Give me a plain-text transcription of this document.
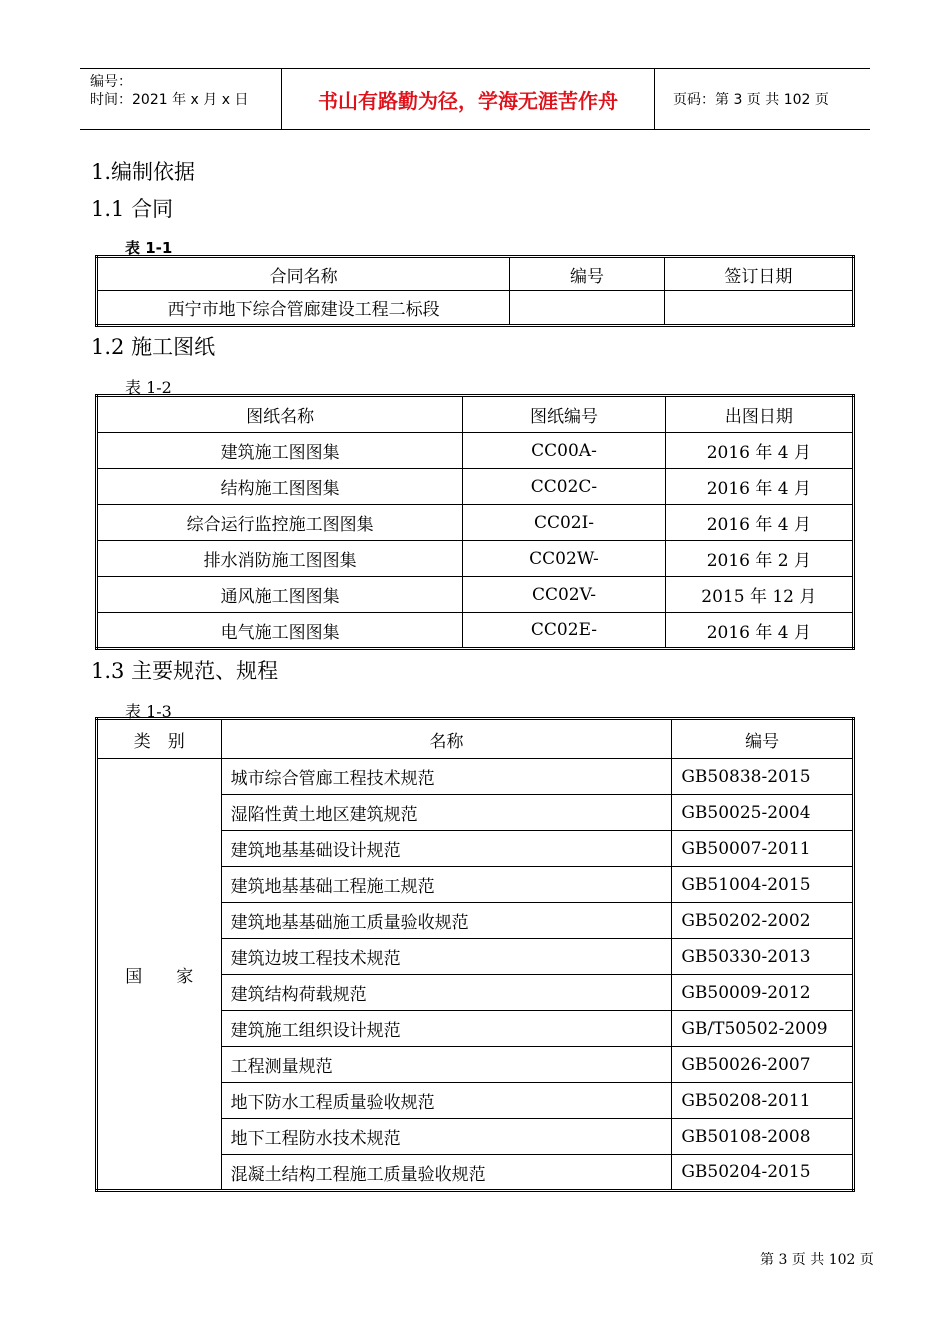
编号：
时间：2021 年 x 月 x 日	书山有路勤为径，学海无涯苦作舟	页码：第 3 页 共 102 页
1.编制依据
1.1 合同
表 1-1
合同名称	编号	签订日期
西宁市地下综合管廊建设工程二标段		
1.2 施工图纸
表 1-2
图纸名称	图纸编号	出图日期
建筑施工图图集	CC00A-	2016 年 4 月
结构施工图图集	CC02C-	2016 年 4 月
综合运行监控施工图图集	CC02I-	2016 年 4 月
排水消防施工图图集	CC02W-	2016 年 2 月
通风施工图图集	CC02V-	2015 年 12 月
电气施工图图集	CC02E-	2016 年 4 月
1.3 主要规范、规程
表 1-3
类　别	名称	编号
国　　家	城市综合管廊工程技术规范	GB50838-2015
	湿陷性黄土地区建筑规范	GB50025-2004
	建筑地基基础设计规范	GB50007-2011
	建筑地基基础工程施工规范	GB51004-2015
	建筑地基基础施工质量验收规范	GB50202-2002
	建筑边坡工程技术规范	GB50330-2013
	建筑结构荷载规范	GB50009-2012
	建筑施工组织设计规范	GB/T50502-2009
	工程测量规范	GB50026-2007
	地下防水工程质量验收规范	GB50208-2011
	地下工程防水技术规范	GB50108-2008
	混凝土结构工程施工质量验收规范	GB50204-2015
第 3 页 共 102 页
